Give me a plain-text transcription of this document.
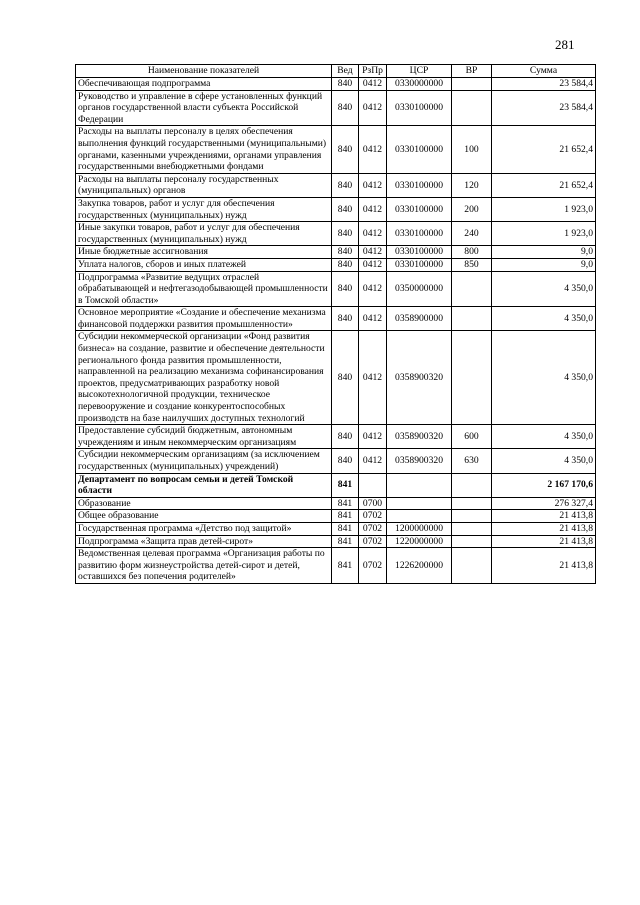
281
Наименование показателей	Вед	РзПр	ЦСР	ВР	Сумма
Обеспечивающая подпрограмма	840	0412	0330000000		23 584,4
Руководство и управление в сфере установленных функций органов государственной власти субъекта Российской Федерации	840	0412	0330100000		23 584,4
Расходы на выплаты персоналу в целях обеспечения выполнения функций государственными (муниципальными) органами, казенными учреждениями, органами управления государственными внебюджетными фондами	840	0412	0330100000	100	21 652,4
Расходы на выплаты персоналу государственных (муниципальных) органов	840	0412	0330100000	120	21 652,4
Закупка товаров, работ и услуг для обеспечения государственных (муниципальных) нужд	840	0412	0330100000	200	1 923,0
Иные закупки товаров, работ и услуг для обеспечения государственных (муниципальных) нужд	840	0412	0330100000	240	1 923,0
Иные бюджетные ассигнования	840	0412	0330100000	800	9,0
Уплата налогов, сборов и иных платежей	840	0412	0330100000	850	9,0
Подпрограмма «Развитие ведущих отраслей обрабатывающей и нефтегазодобывающей промышленности в Томской области»	840	0412	0350000000		4 350,0
Основное мероприятие «Создание и обеспечение механизма финансовой поддержки развития промышленности»	840	0412	0358900000		4 350,0
Субсидии некоммерческой организации «Фонд развития бизнеса» на создание, развитие и обеспечение деятельности регионального фонда развития промышленности, направленной на реализацию механизма софинансирования проектов, предусматривающих разработку новой высокотехнологичной продукции, техническое перевооружение и создание конкурентоспособных производств на базе наилучших доступных технологий	840	0412	0358900320		4 350,0
Предоставление субсидий бюджетным, автономным учреждениям и иным некоммерческим организациям	840	0412	0358900320	600	4 350,0
Субсидии некоммерческим организациям (за исключением государственных (муниципальных) учреждений)	840	0412	0358900320	630	4 350,0
Департамент по вопросам семьи и детей Томской области	841				2 167 170,6
Образование	841	0700			276 327,4
Общее образование	841	0702			21 413,8
Государственная программа «Детство под защитой»	841	0702	1200000000		21 413,8
Подпрограмма «Защита прав детей-сирот»	841	0702	1220000000		21 413,8
Ведомственная целевая программа «Организация работы по развитию форм жизнеустройства детей-сирот и детей, оставшихся без попечения родителей»	841	0702	1226200000		21 413,8
